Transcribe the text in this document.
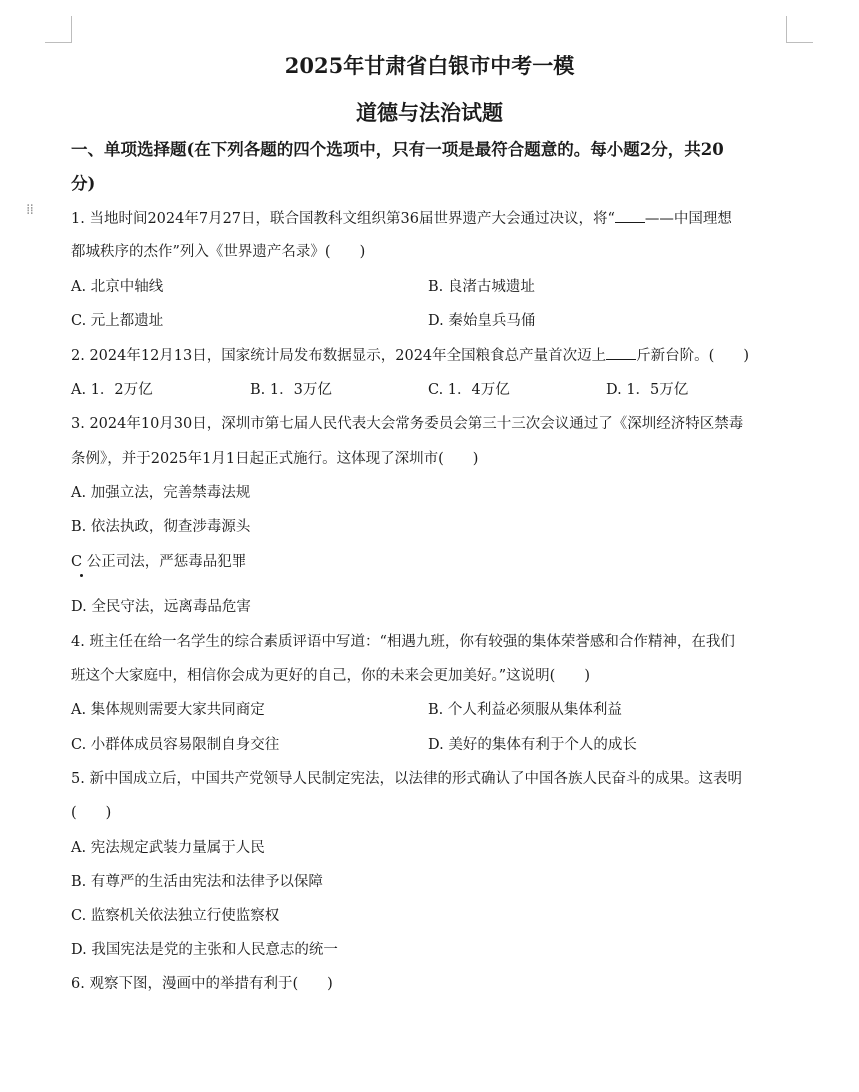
⁞⁞
2025年甘肃省白银市中考一模
道德与法治试题
一、单项选择题(在下列各题的四个选项中，只有一项是最符合题意的。每小题2分，共20
分)
1. 当地时间2024年7月27日，联合国教科文组织第36届世界遗产大会通过决议，将“ ——中国理想
都城秩序的杰作”列入《世界遗产名录》(　　)
A. 北京中轴线	B. 良渚古城遗址
C. 元上都遗址	D. 秦始皇兵马俑
2. 2024年12月13日，国家统计局发布数据显示，2024年全国粮食总产量首次迈上 斤新台阶。(　　)
A. 1．2万亿	B. 1．3万亿	C. 1．4万亿	D. 1．5万亿
3. 2024年10月30日，深圳市第七届人民代表大会常务委员会第三十三次会议通过了《深圳经济特区禁毒
条例》，并于2025年1月1日起正式施行。这体现了深圳市(　　)
A. 加强立法，完善禁毒法规
B. 依法执政，彻查涉毒源头
C 公正司法，严惩毒品犯罪
D. 全民守法，远离毒品危害
4. 班主任在给一名学生的综合素质评语中写道：“相遇九班，你有较强的集体荣誉感和合作精神，在我们
班这个大家庭中，相信你会成为更好的自己，你的未来会更加美好。”这说明(　　)
A. 集体规则需要大家共同商定	B. 个人利益必须服从集体利益
C. 小群体成员容易限制自身交往	D. 美好的集体有利于个人的成长
5. 新中国成立后，中国共产党领导人民制定宪法，以法律的形式确认了中国各族人民奋斗的成果。这表明
(　　)
A. 宪法规定武装力量属于人民
B. 有尊严的生活由宪法和法律予以保障
C. 监察机关依法独立行使监察权
D. 我国宪法是党的主张和人民意志的统一
6. 观察下图，漫画中的举措有利于(　　)
